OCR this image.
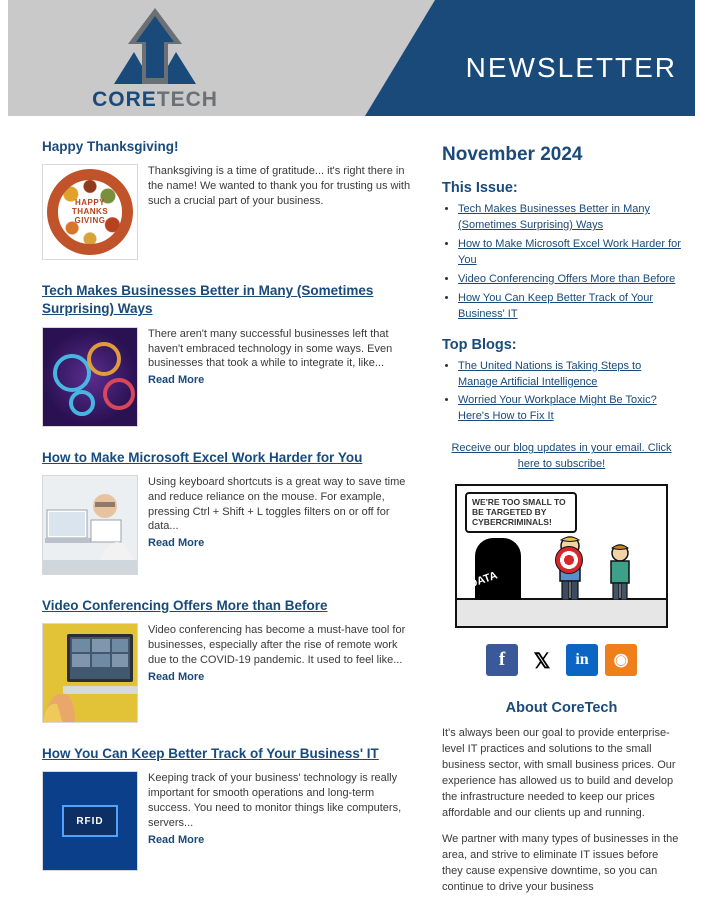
NEWSLETTER
CORETECH
Happy Thanksgiving!
HAPPY THANKS GIVING
Thanksgiving is a time of gratitude... it's right there in the name! We wanted to thank you for trusting us with such a crucial part of your business.
Tech Makes Businesses Better in Many (Sometimes Surprising) Ways
There aren't many successful businesses left that haven't embraced technology in some ways. Even businesses that took a while to integrate it, like...
Read More
How to Make Microsoft Excel Work Harder for You
Using keyboard shortcuts is a great way to save time and reduce reliance on the mouse. For example, pressing Ctrl + Shift + L toggles filters on or off for data...
Read More
Video Conferencing Offers More than Before
Video conferencing has become a must-have tool for businesses, especially after the rise of remote work due to the COVID-19 pandemic. It used to feel like...
Read More
How You Can Keep Better Track of Your Business' IT
RFID
Keeping track of your business' technology is really important for smooth operations and long-term success. You need to monitor things like computers, servers...
Read More
November 2024
This Issue:
• Tech Makes Businesses Better in Many (Sometimes Surprising) Ways
• How to Make Microsoft Excel Work Harder for You
• Video Conferencing Offers More than Before
• How You Can Keep Better Track of Your Business' IT
Top Blogs:
• The United Nations is Taking Steps to Manage Artificial Intelligence
• Worried Your Workplace Might Be Toxic? Here's How to Fix It
Receive our blog updates in your email. Click here to subscribe!
WE'RE TOO SMALL TO BE TARGETED BY CYBERCRIMINALS!
DATA
f	𝕏	in	◉
About CoreTech

It's always been our goal to provide enterprise-level IT practices and solutions to the small business sector, with small business prices. Our experience has allowed us to build and develop the infrastructure needed to keep our prices affordable and our clients up and running.

We partner with many types of businesses in the area, and strive to eliminate IT issues before they cause expensive downtime, so you can continue to drive your business
